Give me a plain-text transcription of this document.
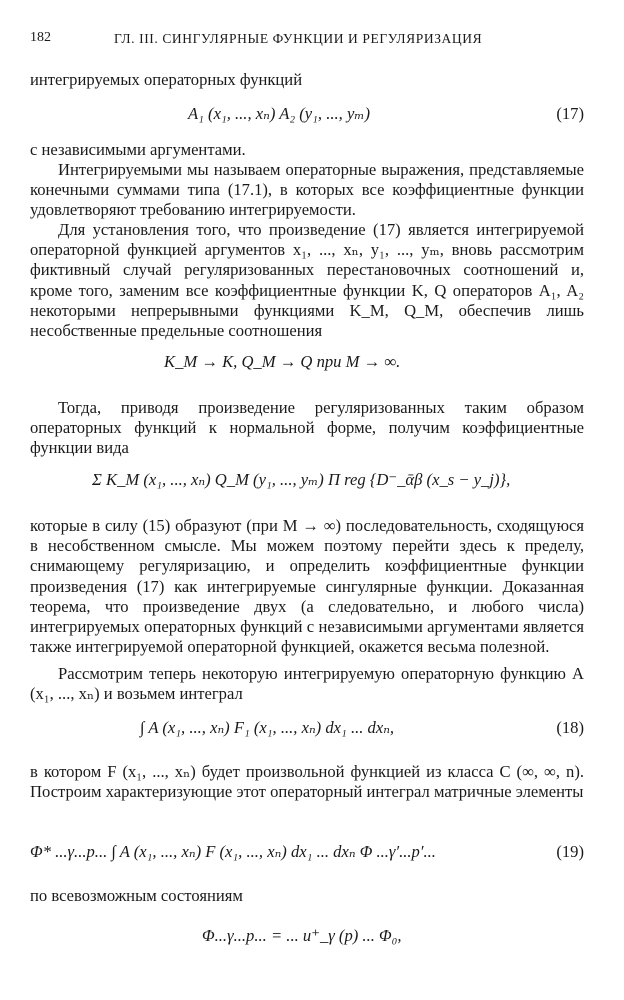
182	ГЛ. III. СИНГУЛЯРНЫЕ ФУНКЦИИ И РЕГУЛЯРИЗАЦИЯ
интегрируемых операторных функций
A₁ (x₁, ..., xₙ) A₂ (y₁, ..., yₘ)	(17)
с независимыми аргументами.
Интегрируемыми мы называем операторные выражения, представляемые конечными суммами типа (17.1), в которых все коэффициентные функции удовлетворяют требованию интегрируемости.
Для установления того, что произведение (17) является интегрируемой операторной функцией аргументов x₁, ..., xₙ, y₁, ..., yₘ, вновь рассмотрим фиктивный случай регуляризованных перестановочных соотношений и, кроме того, заменим все коэффициентные функции K, Q операторов A₁, A₂ некоторыми непрерывными функциями K_M, Q_M, обеспечив лишь несобственные предельные соотношения
K_M → K, Q_M → Q при M → ∞.
Тогда, приводя произведение регуляризованных таким образом операторных функций к нормальной форме, получим коэффициентные функции вида
Σ K_M (x₁, ..., xₙ) Q_M (y₁, ..., yₘ) Π reg {D⁻_ᾱβ (x_s − y_j)},
которые в силу (15) образуют (при M → ∞) последовательность, сходящуюся в несобственном смысле. Мы можем поэтому перейти здесь к пределу, снимающему регуляризацию, и определить коэффициентные функции произведения (17) как интегрируемые сингулярные функции. Доказанная теорема, что произведение двух (а следовательно, и любого числа) интегрируемых операторных функций с независимыми аргументами является также интегрируемой операторной функцией, окажется весьма полезной.
Рассмотрим теперь некоторую интегрируемую операторную функцию A (x₁, ..., xₙ) и возьмем интеграл
∫ A (x₁, ..., xₙ) F₁ (x₁, ..., xₙ) dx₁ ... dxₙ,	(18)
в котором F (x₁, ..., xₙ) будет произвольной функцией из класса C (∞, ∞, n). Построим характеризующие этот операторный интеграл матричные элементы
Φ* ...γ...p... ∫ A (x₁, ..., xₙ) F (x₁, ..., xₙ) dx₁ ... dxₙ Φ ...γ′...p′...	(19)
по всевозможным состояниям
Φ...γ...p... = ... u⁺_γ (p) ... Φ₀,
